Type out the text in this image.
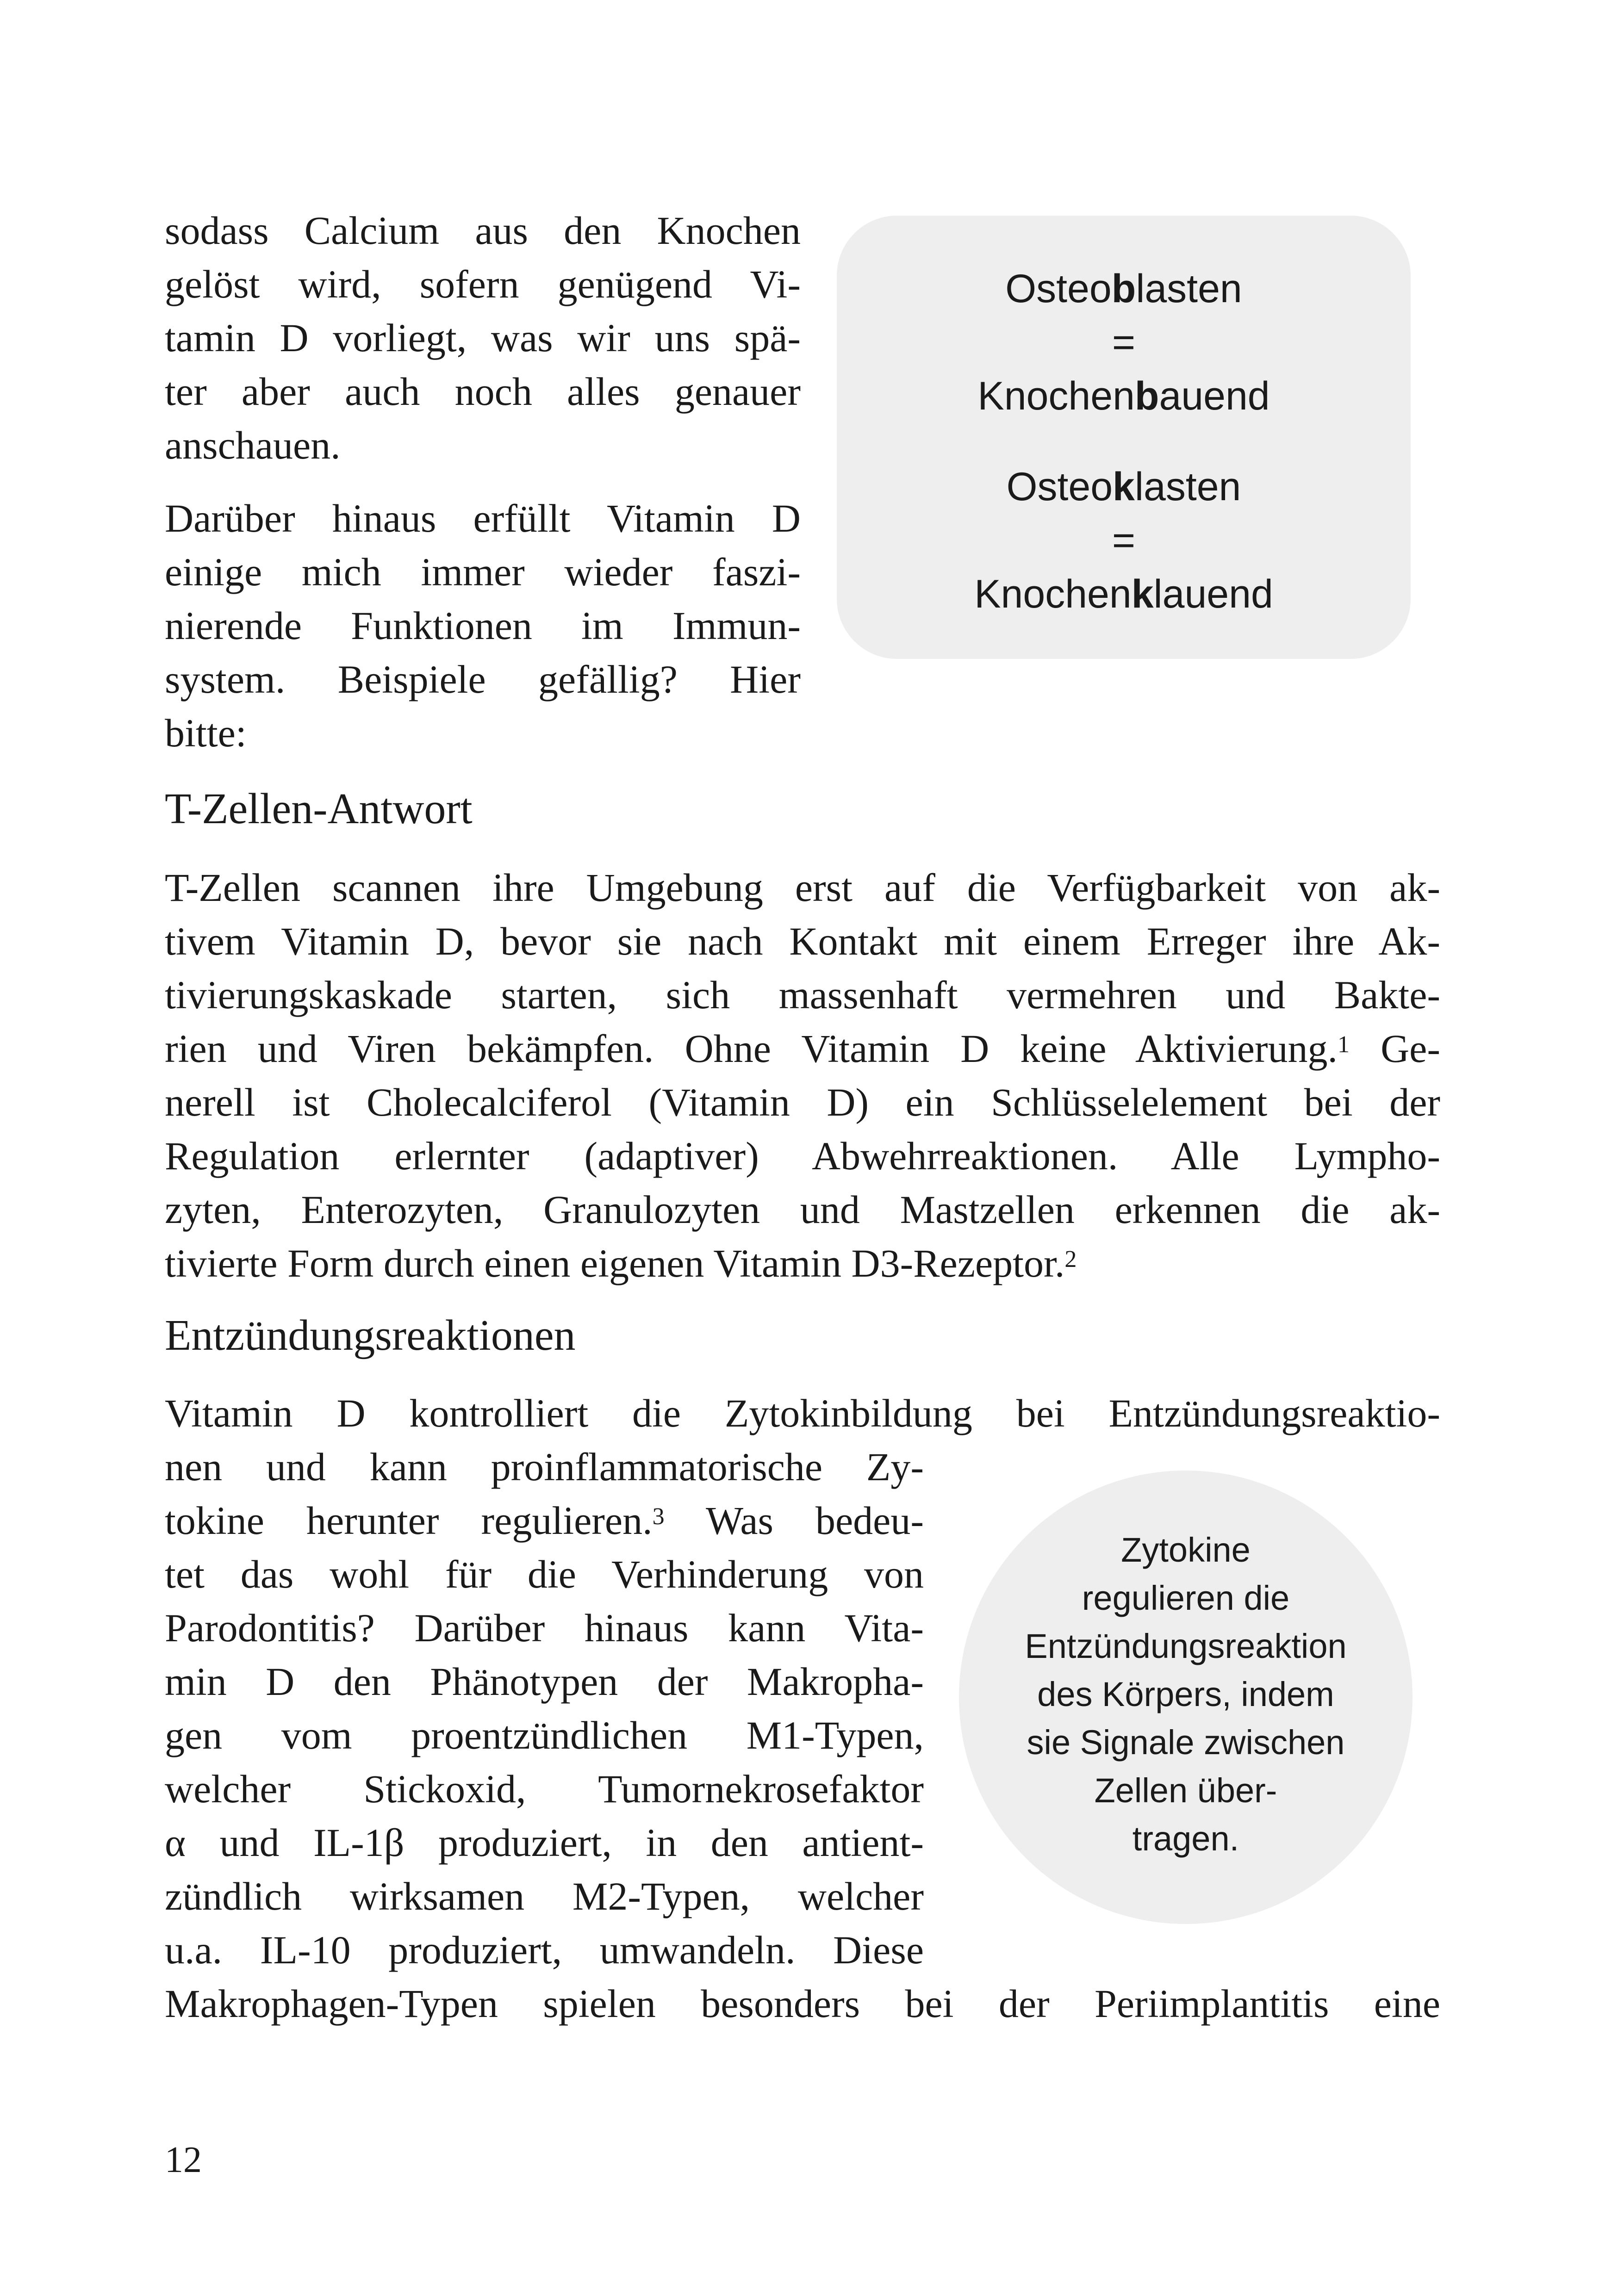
sodass Calcium aus den Knochen
gelöst wird, sofern genügend Vi-
tamin D vorliegt, was wir uns spä-
ter aber auch noch alles genauer
anschauen.
Darüber hinaus erfüllt Vitamin D
einige mich immer wieder faszi-
nierende Funktionen im Immun-
system. Beispiele gefällig? Hier
bitte:
Osteoblasten
=
Knochenbauend
Osteoklasten
=
Knochenklauend
T-Zellen-Antwort
T-Zellen scannen ihre Umgebung erst auf die Verfügbarkeit von ak-
tivem Vitamin D, bevor sie nach Kontakt mit einem Erreger ihre Ak-
tivierungskaskade starten, sich massenhaft vermehren und Bakte-
rien und Viren bekämpfen. Ohne Vitamin D keine Aktivierung.$^1$ Ge-
nerell ist Cholecalciferol (Vitamin D) ein Schlüsselelement bei der
Regulation erlernter (adaptiver) Abwehrreaktionen. Alle Lympho-
zyten, Enterozyten, Granulozyten und Mastzellen erkennen die ak-
tivierte Form durch einen eigenen Vitamin D3-Rezeptor.$^2$
Entzündungsreaktionen
Vitamin D kontrolliert die Zytokinbildung bei Entzündungsreaktio-
nen und kann proinflammatorische Zy-
tokine herunter regulieren.$^3$ Was bedeu-
tet das wohl für die Verhinderung von
Parodontitis? Darüber hinaus kann Vita-
min D den Phänotypen der Makropha-
gen vom proentzündlichen M1-Typen,
welcher Stickoxid, Tumornekrosefaktor
α und IL-1β produziert, in den antient-
zündlich wirksamen M2-Typen, welcher
u.a. IL-10 produziert, umwandeln. Diese
Makrophagen-Typen spielen besonders bei der Periimplantitis eine
Zytokine
regulieren die
Entzündungsreaktion
des Körpers, indem
sie Signale zwischen
Zellen über-
tragen.
12
